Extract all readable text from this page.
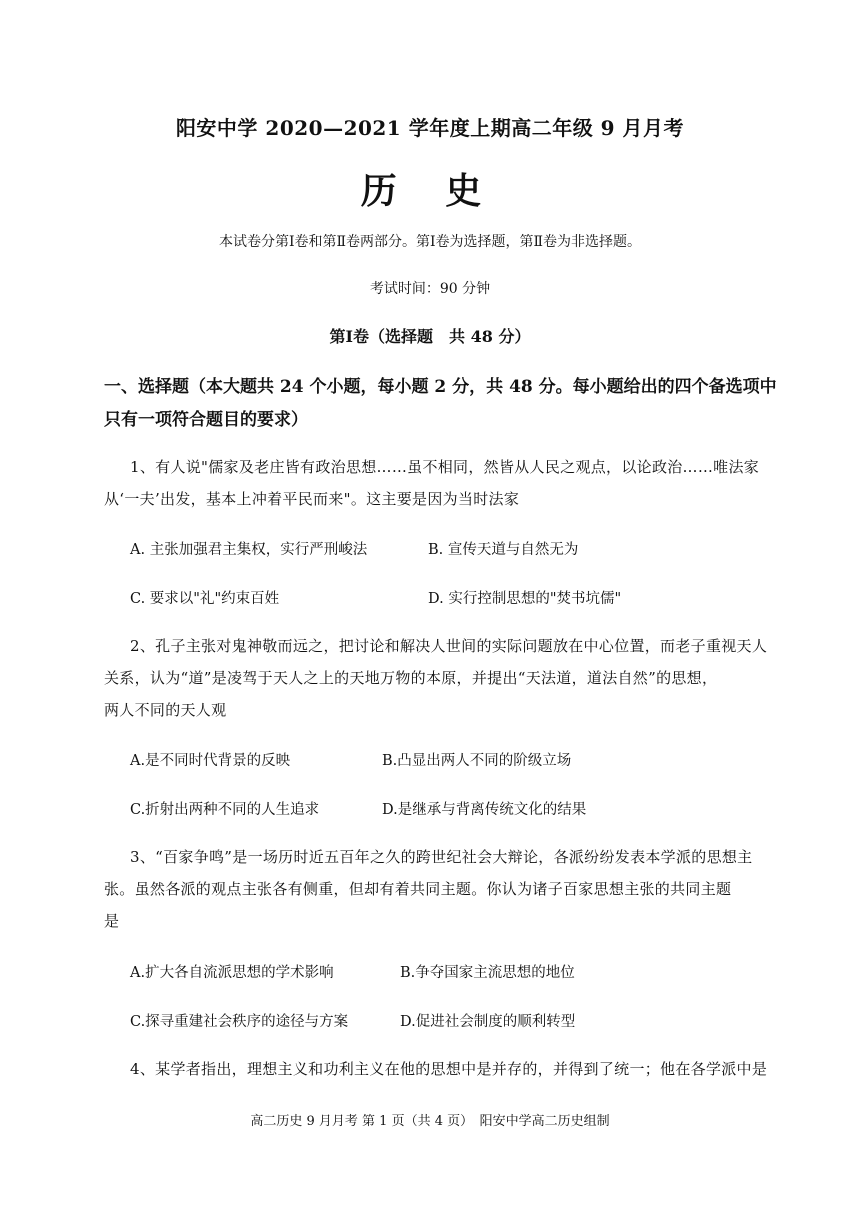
阳安中学 2020—2021 学年度上期高二年级 9 月月考
历 史
本试卷分第Ⅰ卷和第Ⅱ卷两部分。第Ⅰ卷为选择题，第Ⅱ卷为非选择题。
考试时间：90 分钟
第Ⅰ卷（选择题　共 48 分）
一、选择题（本大题共 24 个小题，每小题 2 分，共 48 分。每小题给出的四个备选项中
只有一项符合题目的要求）
1、有人说"儒家及老庄皆有政治思想……虽不相同，然皆从人民之观点，以论政治……唯法家
从‘一夫’出发，基本上冲着平民而来"。这主要是因为当时法家
A. 主张加强君主集权，实行严刑峻法	B. 宣传天道与自然无为
C. 要求以"礼"约束百姓	D. 实行控制思想的"焚书坑儒"
2、孔子主张对鬼神敬而远之，把讨论和解决人世间的实际问题放在中心位置，而老子重视天人
关系，认为“道”是凌驾于天人之上的天地万物的本原，并提出“天法道，道法自然”的思想，
两人不同的天人观
A.是不同时代背景的反映	B.凸显出两人不同的阶级立场
C.折射出两种不同的人生追求	D.是继承与背离传统文化的结果
3、“百家争鸣”是一场历时近五百年之久的跨世纪社会大辩论，各派纷纷发表本学派的思想主
张。虽然各派的观点主张各有侧重，但却有着共同主题。你认为诸子百家思想主张的共同主题
是
A.扩大各自流派思想的学术影响	B.争夺国家主流思想的地位
C.探寻重建社会秩序的途径与方案	D.促进社会制度的顺利转型
4、某学者指出，理想主义和功利主义在他的思想中是并存的，并得到了统一；他在各学派中是
高二历史 9 月月考 第 1 页（共 4 页）　阳安中学高二历史组制
